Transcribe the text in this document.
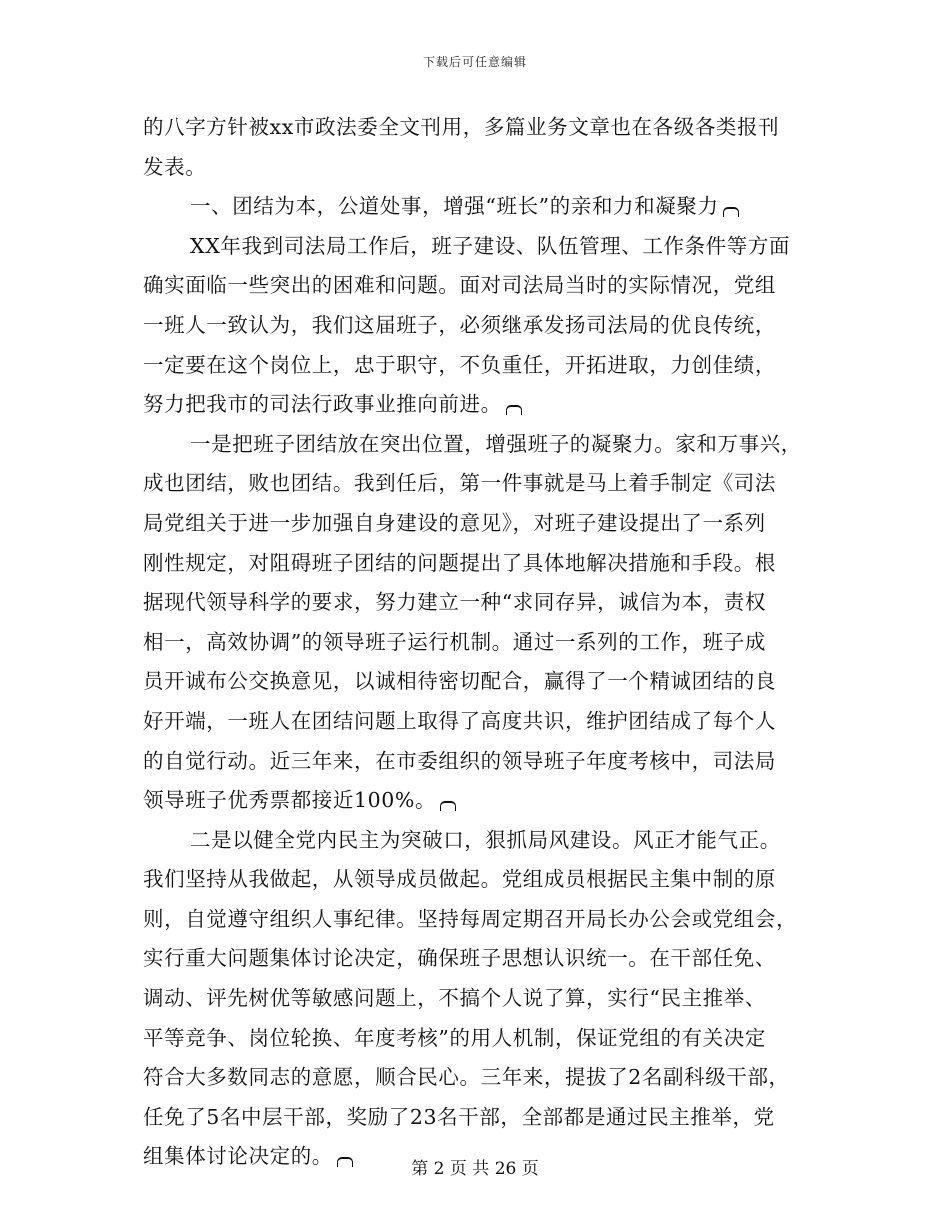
下载后可任意编辑
的八字方针被xx市政法委全文刊用，多篇业务文章也在各级各类报刊
发表。
一、团结为本，公道处事，增强“班长”的亲和力和凝聚力
XX年我到司法局工作后，班子建设、队伍管理、工作条件等方面
确实面临一些突出的困难和问题。面对司法局当时的实际情况，党组
一班人一致认为，我们这届班子，必须继承发扬司法局的优良传统，
一定要在这个岗位上，忠于职守，不负重任，开拓进取，力创佳绩，
努力把我市的司法行政事业推向前进。
一是把班子团结放在突出位置，增强班子的凝聚力。家和万事兴，
成也团结，败也团结。我到任后，第一件事就是马上着手制定《司法
局党组关于进一步加强自身建设的意见》，对班子建设提出了一系列
刚性规定，对阻碍班子团结的问题提出了具体地解决措施和手段。根
据现代领导科学的要求，努力建立一种“求同存异，诚信为本，责权
相一，高效协调”的领导班子运行机制。通过一系列的工作，班子成
员开诚布公交换意见，以诚相待密切配合，赢得了一个精诚团结的良
好开端，一班人在团结问题上取得了高度共识，维护团结成了每个人
的自觉行动。近三年来，在市委组织的领导班子年度考核中，司法局
领导班子优秀票都接近100%。
二是以健全党内民主为突破口，狠抓局风建设。风正才能气正。
我们坚持从我做起，从领导成员做起。党组成员根据民主集中制的原
则，自觉遵守组织人事纪律。坚持每周定期召开局长办公会或党组会，
实行重大问题集体讨论决定，确保班子思想认识统一。在干部任免、
调动、评先树优等敏感问题上，不搞个人说了算，实行“民主推举、
平等竞争、岗位轮换、年度考核”的用人机制，保证党组的有关决定
符合大多数同志的意愿，顺合民心。三年来，提拔了2名副科级干部，
任免了5名中层干部，奖励了23名干部，全部都是通过民主推举，党
组集体讨论决定的。
第 2 页 共 26 页
